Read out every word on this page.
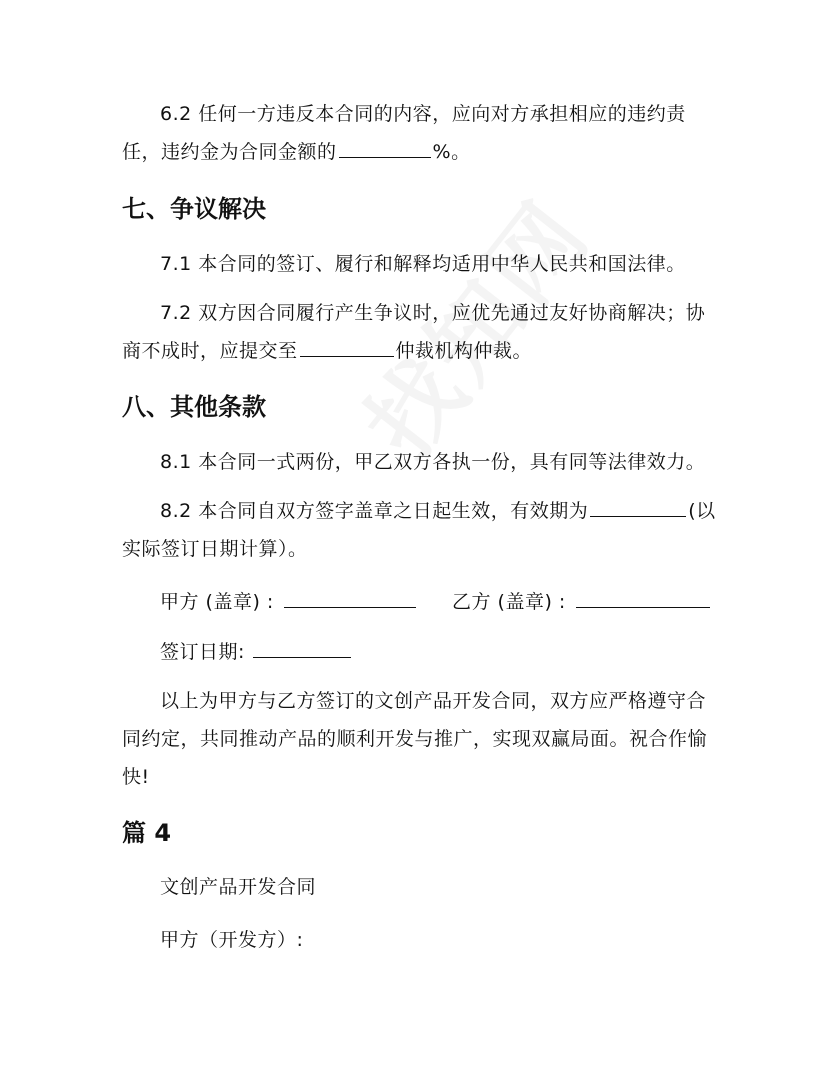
6.2 任何一方违反本合同的内容，应向对方承担相应的违约责任，违约金为合同金额的	%。

七、争议解决

7.1 本合同的签订、履行和解释均适用中华人民共和国法律。

7.2 双方因合同履行产生争议时，应优先通过友好协商解决；协商不成时，应提交至	仲裁机构仲裁。

八、其他条款

8.1 本合同一式两份，甲乙双方各执一份，具有同等法律效力。

8.2 本合同自双方签字盖章之日起生效，有效期为	(以实际签订日期计算）。

甲方 (盖章) :	乙方 (盖章) :
签订日期:

以上为甲方与乙方签订的文创产品开发合同，双方应严格遵守合同约定，共同推动产品的顺利开发与推广，实现双赢局面。祝合作愉快!

篇 4
文创产品开发合同
甲方（开发方）:
